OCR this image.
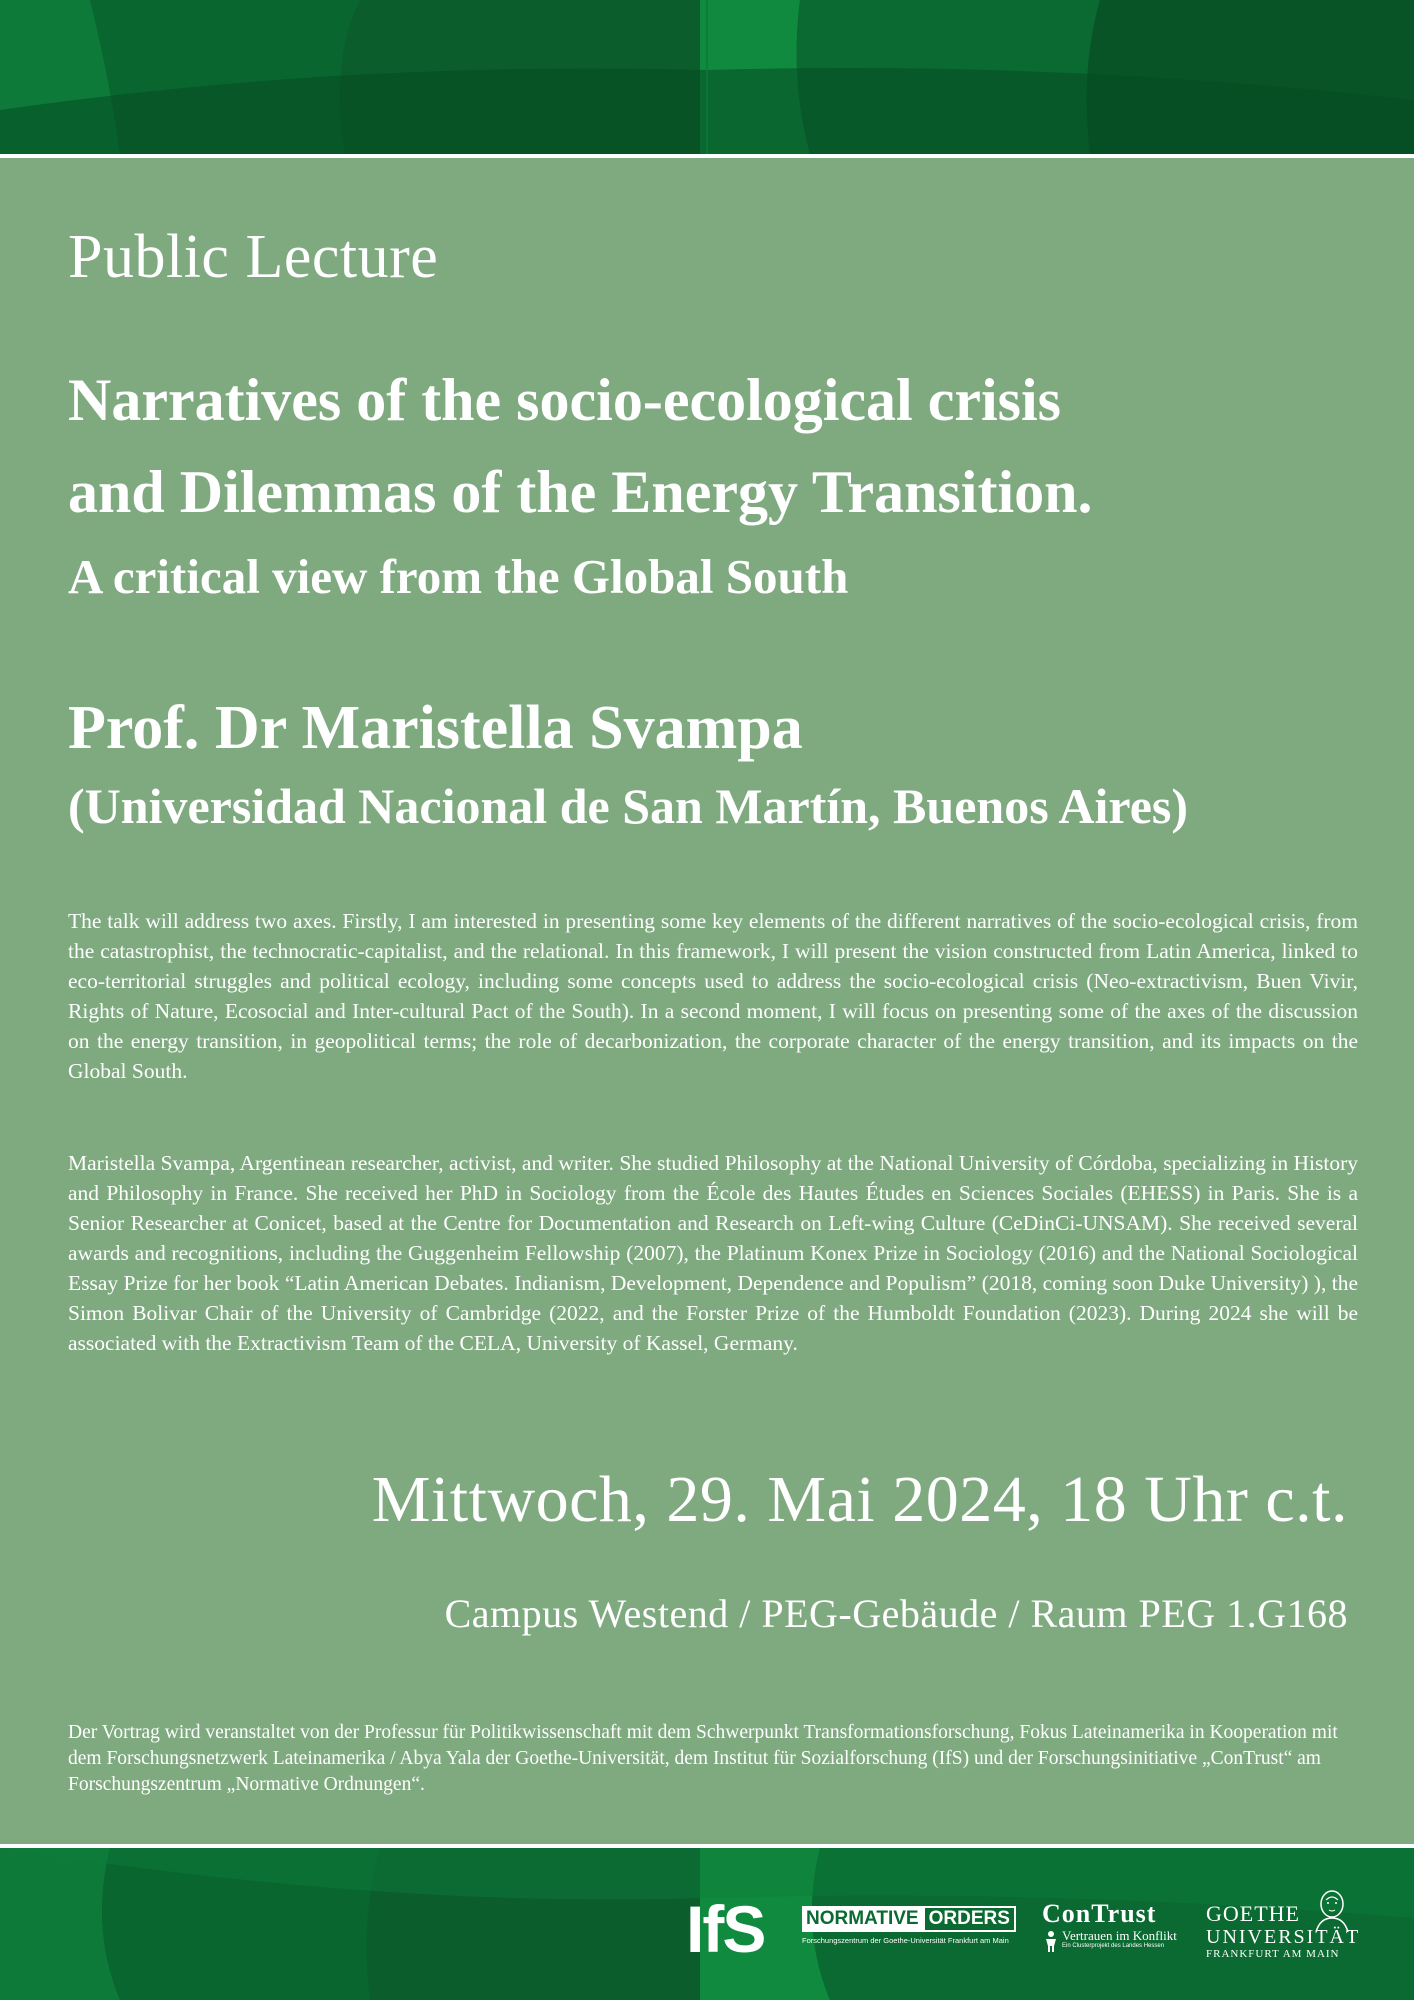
Public Lecture
Narratives of the socio-ecological crisis
and Dilemmas of the Energy Transition.
A critical view from the Global South
Prof. Dr Maristella Svampa
(Universidad Nacional de San Martín, Buenos Aires)

The talk will address two axes. Firstly, I am interested in presenting some key elements of the different narratives of the socio-ecological crisis, from the catastrophist, the technocratic-capitalist, and the relational. In this framework, I will present the vision constructed from Latin America, linked to eco-territorial struggles and political ecology, including some concepts used to address the socio-ecological crisis (Neo-extractivism, Buen Vivir, Rights of Nature, Ecosocial and Inter-cultural Pact of the South). In a second moment, I will focus on presenting some of the axes of the discussion on the energy transition, in geopolitical terms; the role of decarbonization, the corporate character of the energy transition, and its impacts on the Global South.

Maristella Svampa, Argentinean researcher, activist, and writer. She studied Philosophy at the National University of Córdoba, specializing in History and Philosophy in France. She received her PhD in Sociology from the École des Hautes Études en Sciences Sociales (EHESS) in Paris. She is a Senior Researcher at Conicet, based at the Centre for Documentation and Research on Left-wing Culture (CeDinCi-UNSAM). She received several awards and recognitions, including the Guggenheim Fellowship (2007), the Platinum Konex Prize in Sociology (2016) and the National Sociological Essay Prize for her book “Latin American Debates. Indianism, Development, Dependence and Populism” (2018, coming soon Duke University) ), the Simon Bolivar Chair of the University of Cambridge (2022, and the Forster Prize of the Humboldt Foundation (2023). During 2024 she will be associated with the Extractivism Team of the CELA, University of Kassel, Germany.

Mittwoch, 29. Mai 2024, 18 Uhr c.t.
Campus Westend / PEG-Gebäude / Raum PEG 1.G168

Der Vortrag wird veranstaltet von der Professur für Politikwissenschaft mit dem Schwerpunkt Transformationsforschung, Fokus Lateinamerika in Kooperation mit dem Forschungsnetzwerk Lateinamerika / Abya Yala der Goethe-Universität, dem Institut für Sozialforschung (IfS) und der Forschungsinitiative „ConTrust“ am Forschungszentrum „Normative Ordnungen“.

IfS NORMATIVE ORDERS
Forschungszentrum der Goethe-Universität Frankfurt am Main
ConTrust
Vertrauen im Konflikt
Ein Clusterprojekt des Landes Hessen
GOETHE
UNIVERSITÄT
FRANKFURT AM MAIN
